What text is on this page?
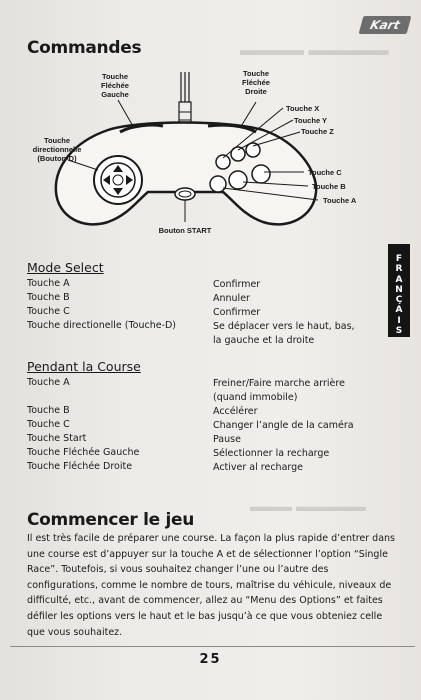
▬▬▬▬ ▬▬▬▬▬
▬▬▬ ▬▬▬▬▬
Kart
Commandes
Touche
Fléchée
Gauche
Touche
Fléchée
Droite
Touche
directionnelle
(Bouton-D)
Touche X
Touche Y
Touche Z
Touche C
Touche B
Touche A
Bouton START
Mode Select
Touche A	Confirmer
Touche B	Annuler
Touche C	Confirmer
Touche directionelle (Touche-D)	Se déplacer vers le haut, bas,
la gauche et la droite
Pendant la Course
Touche A	Freiner/Faire marche arrière
(quand immobile)
Touche B	Accélérer
Touche C	Changer l’angle de la caméra
Touche Start	Pause
Touche Fléchée Gauche	Sélectionner la recharge
Touche Fléchée Droite	Activer al recharge
F
R
A
N
Ç
A
I
S
Commencer le jeu

Il est très facile de préparer une course. La façon la plus rapide d’entrer dans une course est d’appuyer sur la touche A et de sélectionner l’option “Single Race”. Toutefois, si vous souhaitez changer l’une ou l’autre des configurations, comme le nombre de tours, maîtrise du véhicule, niveaux de difficulté, etc., avant de commencer, allez au “Menu des Options” et faites défiler les options vers le haut et le bas jusqu’à ce que vous obteniez celle que vous souhaitez.

25
